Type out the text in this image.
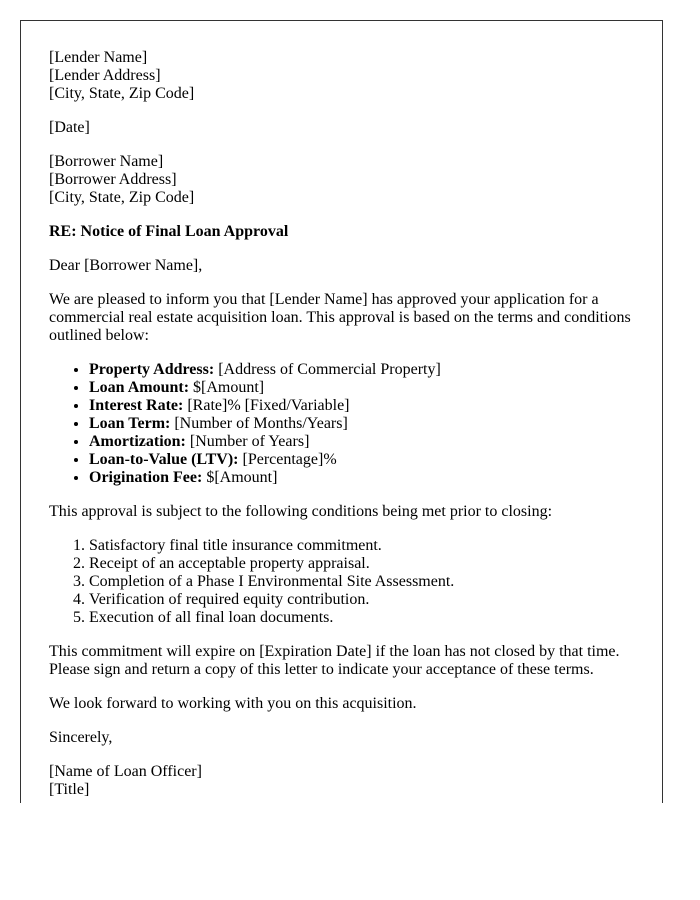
[Lender Name]
[Lender Address]
[City, State, Zip Code]

[Date]

[Borrower Name]
[Borrower Address]
[City, State, Zip Code]

RE: Notice of Final Loan Approval

Dear [Borrower Name],

We are pleased to inform you that [Lender Name] has approved your application for a commercial real estate acquisition loan. This approval is based on the terms and conditions outlined below:

• Property Address: [Address of Commercial Property]
• Loan Amount: $[Amount]
• Interest Rate: [Rate]% [Fixed/Variable]
• Loan Term: [Number of Months/Years]
• Amortization: [Number of Years]
• Loan-to-Value (LTV): [Percentage]%
• Origination Fee: $[Amount]

This approval is subject to the following conditions being met prior to closing:

1. Satisfactory final title insurance commitment.
2. Receipt of an acceptable property appraisal.
3. Completion of a Phase I Environmental Site Assessment.
4. Verification of required equity contribution.
5. Execution of all final loan documents.

This commitment will expire on [Expiration Date] if the loan has not closed by that time. Please sign and return a copy of this letter to indicate your acceptance of these terms.

We look forward to working with you on this acquisition.

Sincerely,

[Name of Loan Officer]
[Title]
